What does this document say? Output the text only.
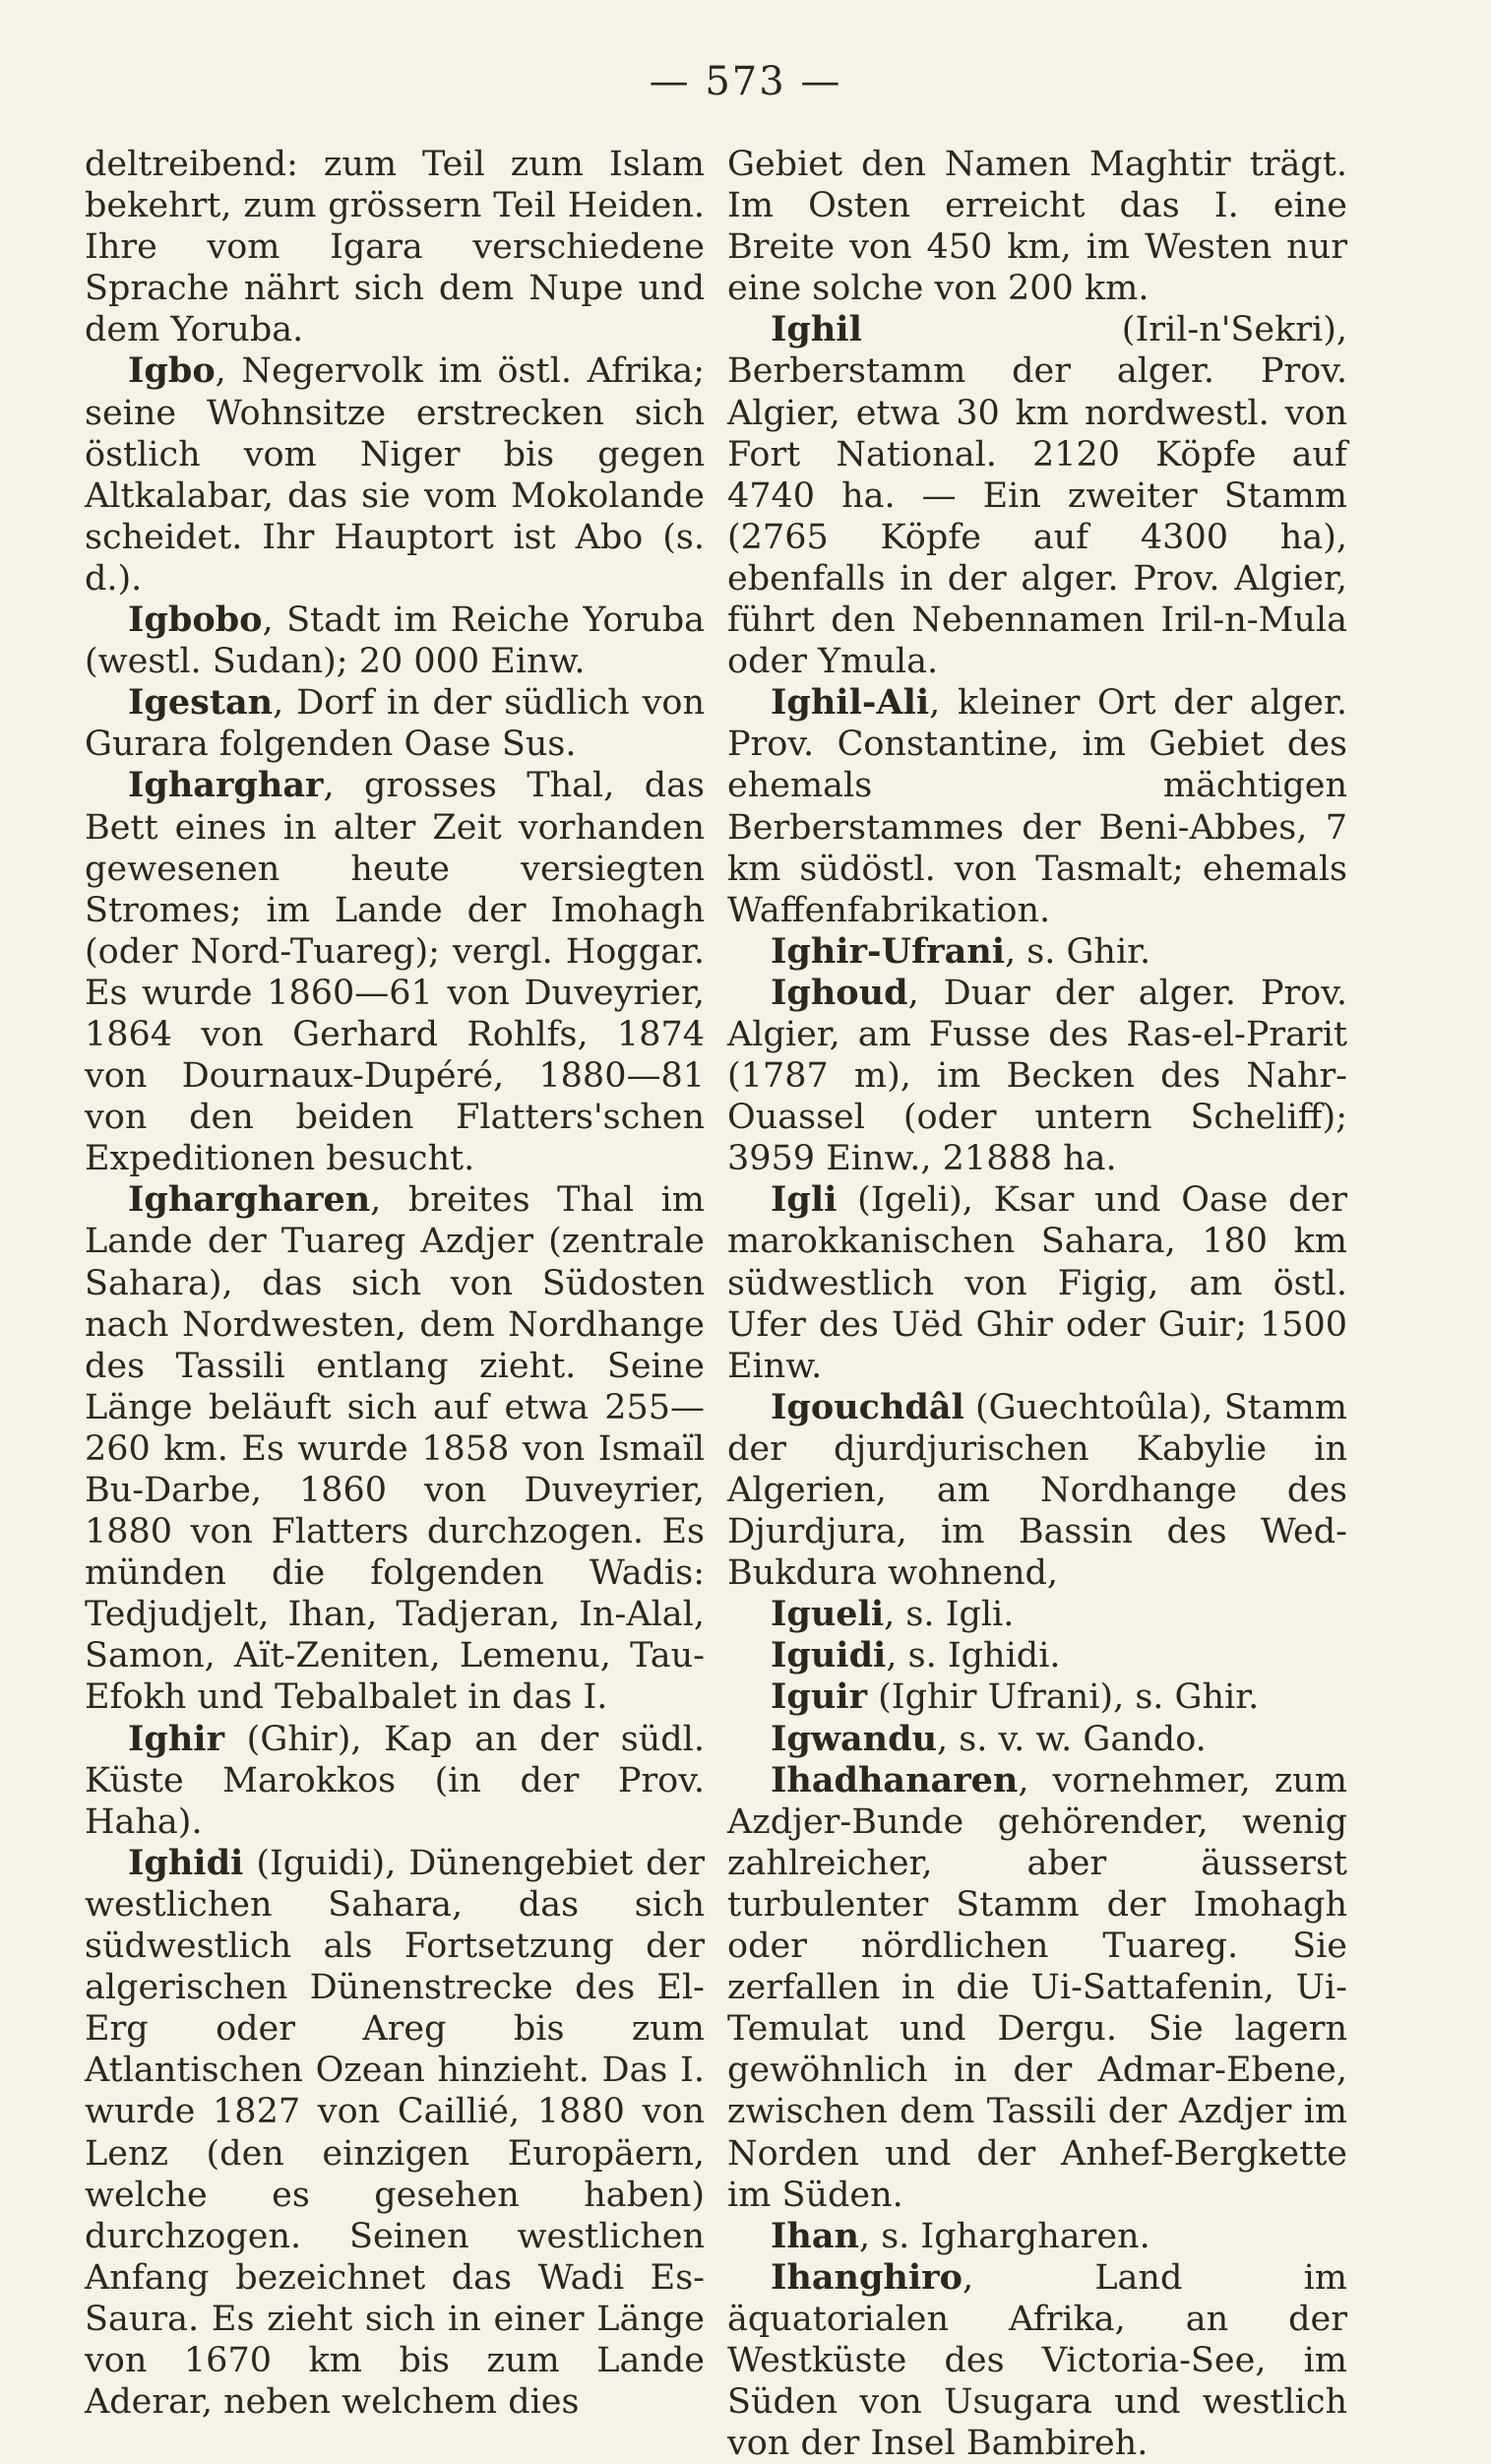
— 573 —

deltreibend: zum Teil zum Islam bekehrt, zum grössern Teil Heiden. Ihre vom Igara verschiedene Sprache nährt sich dem Nupe und dem Yoruba.

Igbo, Negervolk im östl. Afrika; seine Wohnsitze erstrecken sich östlich vom Niger bis gegen Altkalabar, das sie vom Mokolande scheidet. Ihr Hauptort ist Abo (s. d.).

Igbobo, Stadt im Reiche Yoruba (westl. Sudan); 20 000 Einw.

Igestan, Dorf in der südlich von Gurara folgenden Oase Sus.

Igharghar, grosses Thal, das Bett eines in alter Zeit vorhanden gewesenen heute versiegten Stromes; im Lande der Imohagh (oder Nord-Tuareg); vergl. Hoggar. Es wurde 1860—61 von Duveyrier, 1864 von Gerhard Rohlfs, 1874 von Dournaux-Dupéré, 1880—81 von den beiden Flatters'schen Expeditionen besucht.

Ighargharen, breites Thal im Lande der Tuareg Azdjer (zentrale Sahara), das sich von Südosten nach Nordwesten, dem Nordhange des Tassili entlang zieht. Seine Länge beläuft sich auf etwa 255—260 km. Es wurde 1858 von Ismaïl Bu-Darbe, 1860 von Duveyrier, 1880 von Flatters durchzogen. Es münden die folgenden Wadis: Tedjudjelt, Ihan, Tadjeran, In-Alal, Samon, Aït-Zeniten, Lemenu, Tau-Efokh und Tebalbalet in das I.

Ighir (Ghir), Kap an der südl. Küste Marokkos (in der Prov. Haha).

Ighidi (Iguidi), Dünengebiet der westlichen Sahara, das sich südwestlich als Fortsetzung der algerischen Dünenstrecke des El-Erg oder Areg bis zum Atlantischen Ozean hinzieht. Das I. wurde 1827 von Caillié, 1880 von Lenz (den einzigen Europäern, welche es gesehen haben) durchzogen. Seinen westlichen Anfang bezeichnet das Wadi Es-Saura. Es zieht sich in einer Länge von 1670 km bis zum Lande Aderar, neben welchem dies

Gebiet den Namen Maghtir trägt. Im Osten erreicht das I. eine Breite von 450 km, im Westen nur eine solche von 200 km.

Ighil (Iril-n'Sekri), Berberstamm der alger. Prov. Algier, etwa 30 km nordwestl. von Fort National. 2120 Köpfe auf 4740 ha. — Ein zweiter Stamm (2765 Köpfe auf 4300 ha), ebenfalls in der alger. Prov. Algier, führt den Nebennamen Iril-n-Mula oder Ymula.

Ighil-Ali, kleiner Ort der alger. Prov. Constantine, im Gebiet des ehemals mächtigen Berberstammes der Beni-Abbes, 7 km südöstl. von Tasmalt; ehemals Waffenfabrikation.

Ighir-Ufrani, s. Ghir.

Ighoud, Duar der alger. Prov. Algier, am Fusse des Ras-el-Prarit (1787 m), im Becken des Nahr-Ouassel (oder untern Scheliff); 3959 Einw., 21888 ha.

Igli (Igeli), Ksar und Oase der marokkanischen Sahara, 180 km südwestlich von Figig, am östl. Ufer des Uëd Ghir oder Guir; 1500 Einw.

Igouchdâl (Guechtoûla), Stamm der djurdjurischen Kabylie in Algerien, am Nordhange des Djurdjura, im Bassin des Wed-Bukdura wohnend,

Igueli, s. Igli.

Iguidi, s. Ighidi.

Iguir (Ighir Ufrani), s. Ghir.

Igwandu, s. v. w. Gando.

Ihadhanaren, vornehmer, zum Azdjer-Bunde gehörender, wenig zahlreicher, aber äusserst turbulenter Stamm der Imohagh oder nördlichen Tuareg. Sie zerfallen in die Ui-Sattafenin, Ui-Temulat und Dergu. Sie lagern gewöhnlich in der Admar-Ebene, zwischen dem Tassili der Azdjer im Norden und der Anhef-Bergkette im Süden.

Ihan, s. Ighargharen.

Ihanghiro, Land im äquatorialen Afrika, an der Westküste des Victoria-See, im Süden von Usugara und westlich von der Insel Bambireh.
